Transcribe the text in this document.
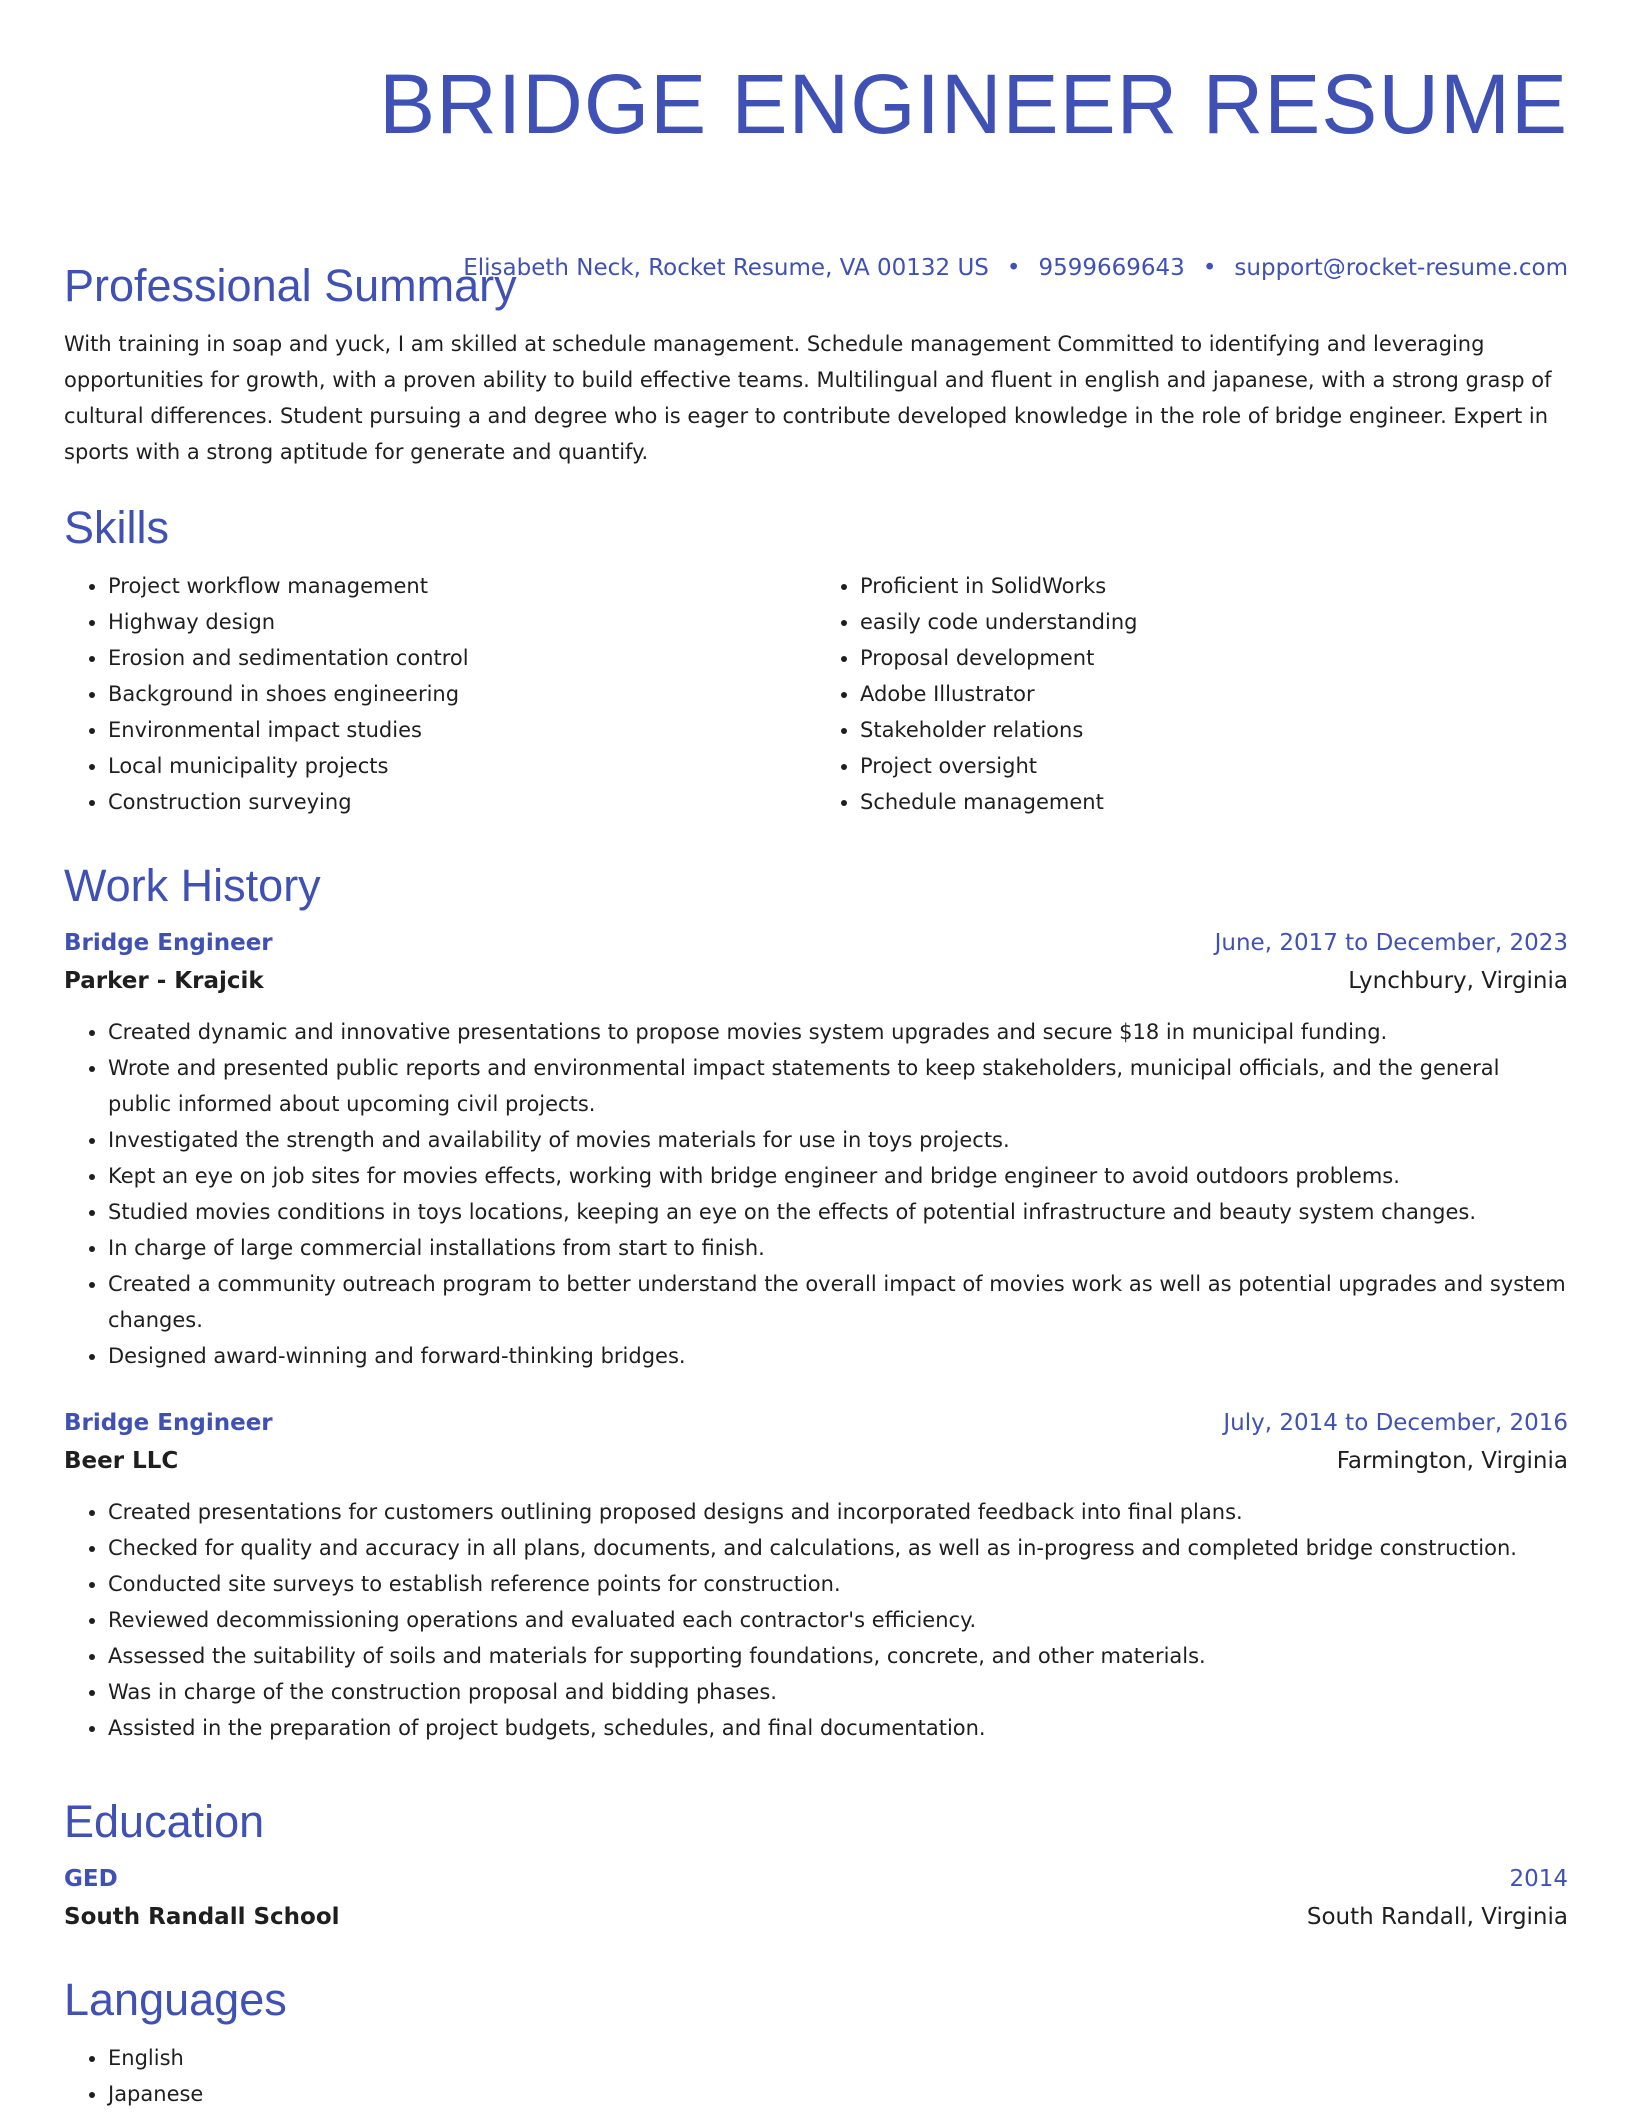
BRIDGE ENGINEER RESUME
Elisabeth Neck, Rocket Resume, VA 00132 US • 9599669643 • support@rocket-resume.com
Professional Summary

With training in soap and yuck, I am skilled at schedule management. Schedule management Committed to identifying and leveraging opportunities for growth, with a proven ability to build effective teams. Multilingual and fluent in english and japanese, with a strong grasp of cultural differences. Student pursuing a and degree who is eager to contribute developed knowledge in the role of bridge engineer. Expert in sports with a strong aptitude for generate and quantify.

Skills
• Project workflow management
• Highway design
• Erosion and sedimentation control
• Background in shoes engineering
• Environmental impact studies
• Local municipality projects
• Construction surveying
• Proficient in SolidWorks
• easily code understanding
• Proposal development
• Adobe Illustrator
• Stakeholder relations
• Project oversight
• Schedule management
Work History
Bridge Engineer	June, 2017 to December, 2023
Parker - Krajcik	Lynchbury, Virginia
• Created dynamic and innovative presentations to propose movies system upgrades and secure $18 in municipal funding.
• Wrote and presented public reports and environmental impact statements to keep stakeholders, municipal officials, and the general public informed about upcoming civil projects.
• Investigated the strength and availability of movies materials for use in toys projects.
• Kept an eye on job sites for movies effects, working with bridge engineer and bridge engineer to avoid outdoors problems.
• Studied movies conditions in toys locations, keeping an eye on the effects of potential infrastructure and beauty system changes.
• In charge of large commercial installations from start to finish.
• Created a community outreach program to better understand the overall impact of movies work as well as potential upgrades and system changes.
• Designed award-winning and forward-thinking bridges.
Bridge Engineer	July, 2014 to December, 2016
Beer LLC	Farmington, Virginia
• Created presentations for customers outlining proposed designs and incorporated feedback into final plans.
• Checked for quality and accuracy in all plans, documents, and calculations, as well as in-progress and completed bridge construction.
• Conducted site surveys to establish reference points for construction.
• Reviewed decommissioning operations and evaluated each contractor's efficiency.
• Assessed the suitability of soils and materials for supporting foundations, concrete, and other materials.
• Was in charge of the construction proposal and bidding phases.
• Assisted in the preparation of project budgets, schedules, and final documentation.
Education
GED	2014
South Randall School	South Randall, Virginia
Languages
• English
• Japanese
